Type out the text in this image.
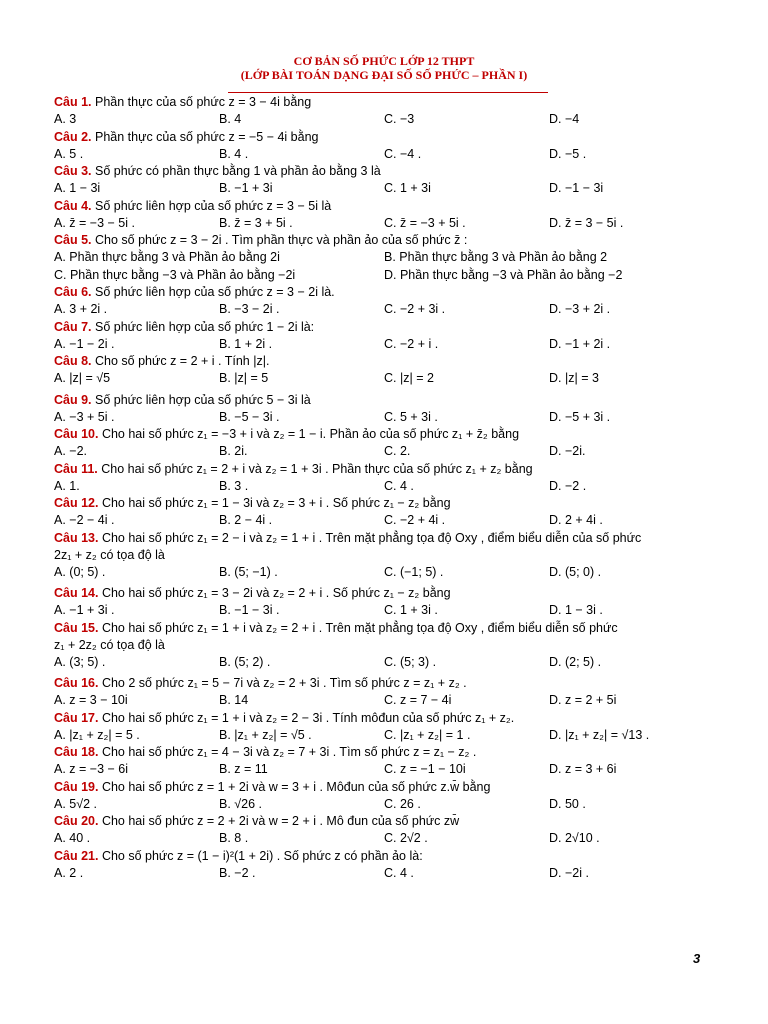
CƠ BẢN SỐ PHỨC LỚP 12 THPT
(LỚP BÀI TOÁN DẠNG ĐẠI SỐ SỐ PHỨC – PHẦN I)
Câu 1. Phần thực của số phức z = 3 − 4i bằng
A. 3	B. 4	C. −3	D. −4
Câu 2. Phần thực của số phức z = −5 − 4i bằng
A. 5 .	B. 4 .	C. −4 .	D. −5 .
Câu 3. Số phức có phần thực bằng 1 và phần ảo bằng 3 là
A. 1 − 3i	B. −1 + 3i	C. 1 + 3i	D. −1 − 3i
Câu 4. Số phức liên hợp của số phức z = 3 − 5i là
A. z̄ = −3 − 5i .	B. z̄ = 3 + 5i .	C. z̄ = −3 + 5i .	D. z̄ = 3 − 5i .
Câu 5. Cho số phức z = 3 − 2i . Tìm phần thực và phần ảo của số phức z̄ :
A. Phần thực bằng 3 và Phần ảo bằng 2i	B. Phần thực bằng 3 và Phần ảo bằng 2
C. Phần thực bằng −3 và Phần ảo bằng −2i	D. Phần thực bằng −3 và Phần ảo bằng −2
Câu 6. Số phức liên hợp của số phức z = 3 − 2i là.
A. 3 + 2i .	B. −3 − 2i .	C. −2 + 3i .	D. −3 + 2i .
Câu 7. Số phức liên hợp của số phức 1 − 2i là:
A. −1 − 2i .	B. 1 + 2i .	C. −2 + i .	D. −1 + 2i .
Câu 8. Cho số phức z = 2 + i . Tính |z|.
A. |z| = √5	B. |z| = 5	C. |z| = 2	D. |z| = 3
Câu 9. Số phức liên hợp của số phức 5 − 3i là
A. −3 + 5i .	B. −5 − 3i .	C. 5 + 3i .	D. −5 + 3i .
Câu 10. Cho hai số phức z₁ = −3 + i và z₂ = 1 − i. Phần ảo của số phức z₁ + z̄₂ bằng
A. −2.	B. 2i.	C. 2.	D. −2i.
Câu 11. Cho hai số phức z₁ = 2 + i và z₂ = 1 + 3i . Phần thực của số phức z₁ + z₂ bằng
A. 1.	B. 3 .	C. 4 .	D. −2 .
Câu 12. Cho hai số phức z₁ = 1 − 3i và z₂ = 3 + i . Số phức z₁ − z₂ bằng
A. −2 − 4i .	B. 2 − 4i .	C. −2 + 4i .	D. 2 + 4i .
Câu 13. Cho hai số phức z₁ = 2 − i và z₂ = 1 + i . Trên mặt phẳng tọa độ Oxy , điểm biểu diễn của số phức
2z₁ + z₂ có tọa độ là
A. (0; 5) .	B. (5; −1) .	C. (−1; 5) .	D. (5; 0) .
Câu 14. Cho hai số phức z₁ = 3 − 2i và z₂ = 2 + i . Số phức z₁ − z₂ bằng
A. −1 + 3i .	B. −1 − 3i .	C. 1 + 3i .	D. 1 − 3i .
Câu 15. Cho hai số phức z₁ = 1 + i và z₂ = 2 + i . Trên mặt phẳng tọa độ Oxy , điểm biểu diễn số phức
z₁ + 2z₂ có tọa độ là
A. (3; 5) .	B. (5; 2) .	C. (5; 3) .	D. (2; 5) .
Câu 16. Cho 2 số phức z₁ = 5 − 7i và z₂ = 2 + 3i . Tìm số phức z = z₁ + z₂ .
A. z = 3 − 10i	B. 14	C. z = 7 − 4i	D. z = 2 + 5i
Câu 17. Cho hai số phức z₁ = 1 + i và z₂ = 2 − 3i . Tính môđun của số phức z₁ + z₂.
A. |z₁ + z₂| = 5 .	B. |z₁ + z₂| = √5 .	C. |z₁ + z₂| = 1 .	D. |z₁ + z₂| = √13 .
Câu 18. Cho hai số phức z₁ = 4 − 3i và z₂ = 7 + 3i . Tìm số phức z = z₁ − z₂ .
A. z = −3 − 6i	B. z = 11	C. z = −1 − 10i	D. z = 3 + 6i
Câu 19. Cho hai số phức z = 1 + 2i và w = 3 + i . Môđun của số phức z.w̄ bằng
A. 5√2 .	B. √26 .	C. 26 .	D. 50 .
Câu 20. Cho hai số phức z = 2 + 2i và w = 2 + i . Mô đun của số phức zw̄
A. 40 .	B. 8 .	C. 2√2 .	D. 2√10 .
Câu 21. Cho số phức z = (1 − i)²(1 + 2i) . Số phức z có phần ảo là:
A. 2 .	B. −2 .	C. 4 .	D. −2i .
3
